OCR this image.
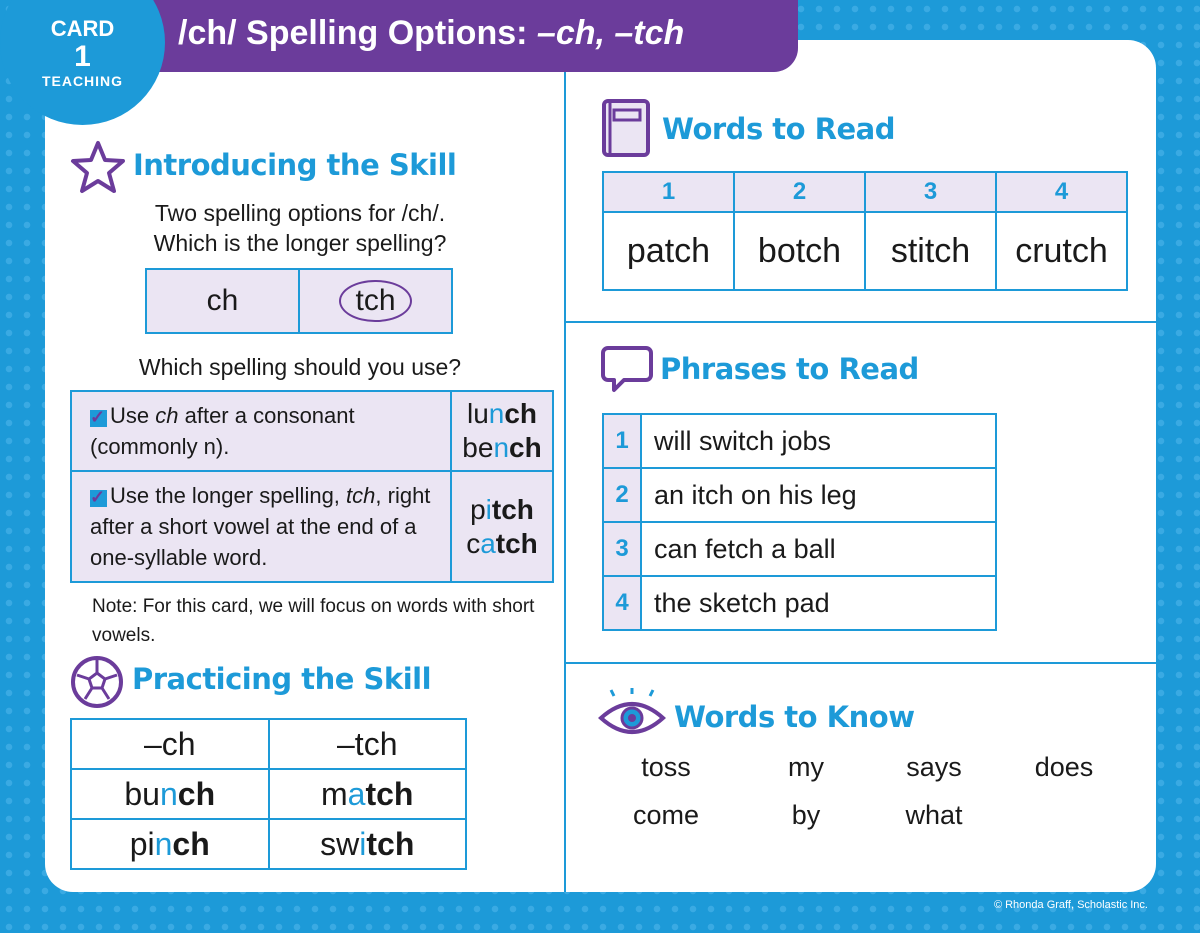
/ch/ Spelling Options: –ch, –tch
CARD
1
TEACHING
Introducing the Skill
Two spelling options for /ch/.
Which is the longer spelling?
ch	tch
Which spelling should you use?
✓ Use ch after a consonant (commonly n).	lunch
bench
✓ Use the longer spelling, tch, right after a short vowel at the end of a one-syllable word.	pitch
catch
Note: For this card, we will focus on words with short vowels.
Practicing the Skill
–ch	–tch
bunch	match
pinch	switch
Words to Read
1	2	3	4
patch	botch	stitch	crutch
Phrases to Read
1	will switch jobs
2	an itch on his leg
3	can fetch a ball
4	the sketch pad
Words to Know
toss	my	says	does
come	by	what
© Rhonda Graff, Scholastic Inc.
